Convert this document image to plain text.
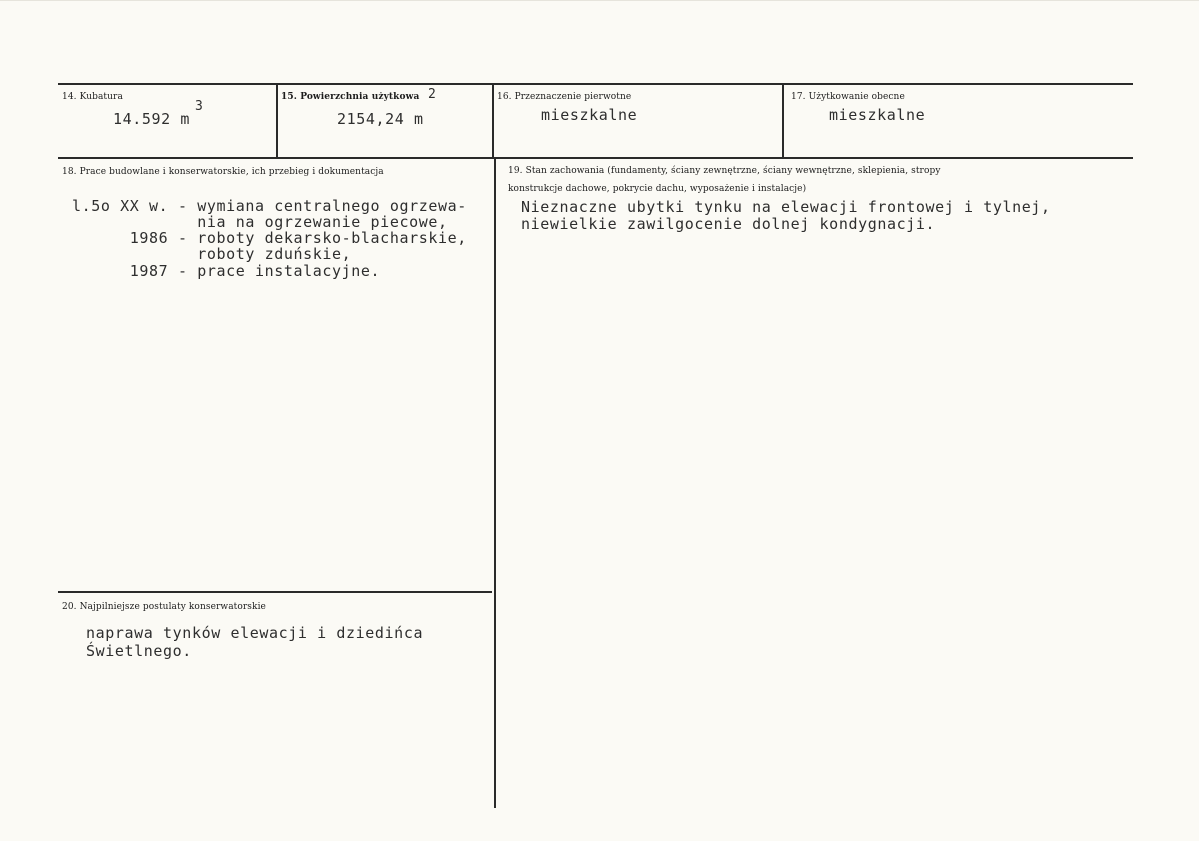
14. Kubatura
14.592 m
3
15. Powierzchnia użytkowa
2154,24 m
2	16. Przeznaczenie pierwotne
mieszkalne
17. Użytkowanie obecne
mieszkalne
18. Prace budowlane i konserwatorskie, ich przebieg i dokumentacja
l.5o XX w. - wymiana centralnego ogrzewa-
nia na ogrzewanie piecowe,
1986 - roboty dekarsko-blacharskie,
roboty zduńskie,
1987 - prace instalacyjne.
19. Stan zachowania (fundamenty, ściany zewnętrzne, ściany wewnętrzne, sklepienia, stropy
konstrukcje dachowe, pokrycie dachu, wyposażenie i instalacje)
Nieznaczne ubytki tynku na elewacji frontowej i tylnej,
niewielkie zawilgocenie dolnej kondygnacji.
20. Najpilniejsze postulaty konserwatorskie
naprawa tynków elewacji i dziedińca
Świetlnego.
